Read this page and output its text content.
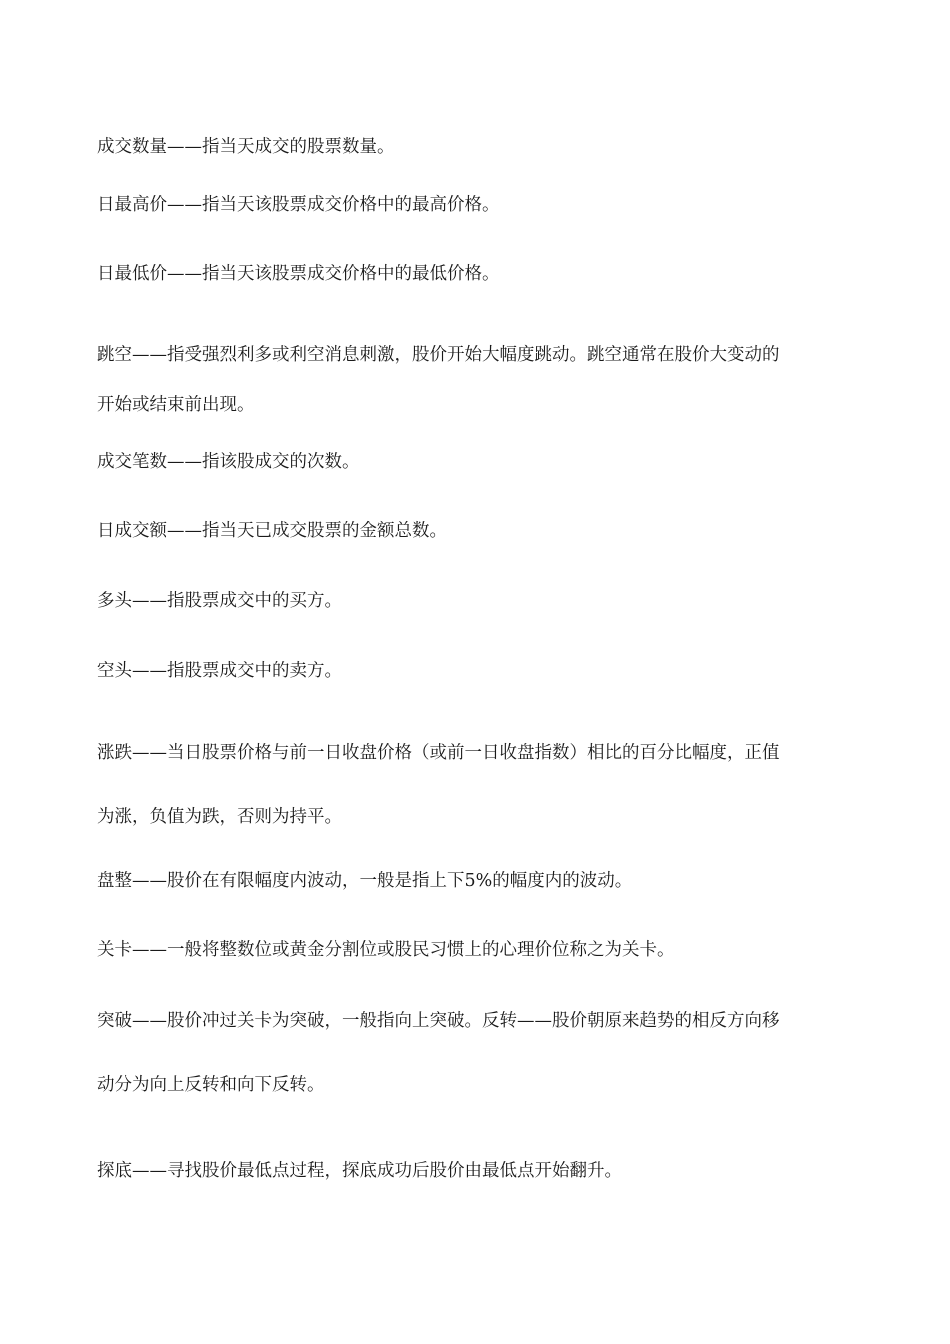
成交数量——指当天成交的股票数量。

日最高价——指当天该股票成交价格中的最高价格。

日最低价——指当天该股票成交价格中的最低价格。

跳空——指受强烈利多或利空消息刺激，股价开始大幅度跳动。跳空通常在股价大变动的
开始或结束前出现。

成交笔数——指该股成交的次数。

日成交额——指当天已成交股票的金额总数。

多头——指股票成交中的买方。

空头——指股票成交中的卖方。

涨跌——当日股票价格与前一日收盘价格（或前一日收盘指数）相比的百分比幅度，正值
为涨，负值为跌，否则为持平。

盘整——股价在有限幅度内波动，一般是指上下5%的幅度内的波动。

关卡——一般将整数位或黄金分割位或股民习惯上的心理价位称之为关卡。

突破——股价冲过关卡为突破，一般指向上突破。反转——股价朝原来趋势的相反方向移
动分为向上反转和向下反转。

探底——寻找股价最低点过程，探底成功后股价由最低点开始翻升。
